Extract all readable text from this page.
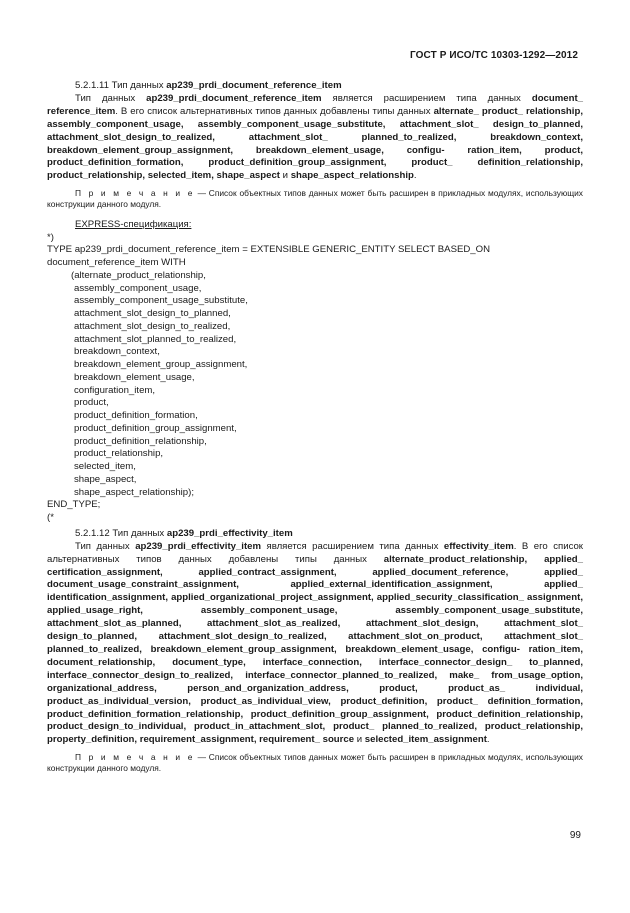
ГОСТ Р ИСО/ТС 10303-1292—2012

5.2.1.11 Тип данных ap239_prdi_document_reference_item

Тип данных ap239_prdi_document_reference_item является расширением типа данных document_ reference_item. В его список альтернативных типов данных добавлены типы данных alternate_ product_ relationship, assembly_component_usage, assembly_component_usage_substitute, attachment_slot_ design_to_planned, attachment_slot_design_to_realized, attachment_slot_ planned_to_realized, breakdown_context, breakdown_element_group_assignment, breakdown_element_usage, configu- ration_item, product, product_definition_formation, product_definition_group_assignment, product_ definition_relationship, product_relationship, selected_item, shape_aspect и shape_aspect_relationship.

П р и м е ч а н и е — Список объектных типов данных может быть расширен в прикладных модулях, использующих конструкции данного модуля.

EXPRESS-спецификация:

*)

TYPE ap239_prdi_document_reference_item = EXTENSIBLE GENERIC_ENTITY SELECT BASED_ON

document_reference_item WITH

(alternate_product_relationship,

assembly_component_usage,

assembly_component_usage_substitute,

attachment_slot_design_to_planned,

attachment_slot_design_to_realized,

attachment_slot_planned_to_realized,

breakdown_context,

breakdown_element_group_assignment,

breakdown_element_usage,

configuration_item,

product,

product_definition_formation,

product_definition_group_assignment,

product_definition_relationship,

product_relationship,

selected_item,

shape_aspect,

shape_aspect_relationship);

END_TYPE;

(*

5.2.1.12 Тип данных ap239_prdi_effectivity_item

Тип данных ap239_prdi_effectivity_item является расширением типа данных effectivity_item. В его список альтернативных типов данных добавлены типы данных alternate_product_relationship, applied_ certification_assignment, applied_contract_assignment, applied_document_reference, applied_ document_usage_constraint_assignment, applied_external_identification_assignment, applied_ identification_assignment, applied_organizational_project_assignment, applied_security_classification_ assignment, applied_usage_right, assembly_component_usage, assembly_component_usage_substitute, attachment_slot_as_planned, attachment_slot_as_realized, attachment_slot_design, attachment_slot_ design_to_planned, attachment_slot_design_to_realized, attachment_slot_on_product, attachment_slot_ planned_to_realized, breakdown_element_group_assignment, breakdown_element_usage, configu- ration_item, document_relationship, document_type, interface_connection, interface_connector_design_ to_planned, interface_connector_design_to_realized, interface_connector_planned_to_realized, make_ from_usage_option, organizational_address, person_and_organization_address, product, product_as_ individual, product_as_individual_version, product_as_individual_view, product_definition, product_ definition_formation, product_definition_formation_relationship, product_definition_group_assignment, product_definition_relationship, product_design_to_individual, product_in_attachment_slot, product_ planned_to_realized, product_relationship, property_definition, requirement_assignment, requirement_ source и selected_item_assignment.

П р и м е ч а н и е — Список объектных типов данных может быть расширен в прикладных модулях, использующих конструкции данного модуля.

99
